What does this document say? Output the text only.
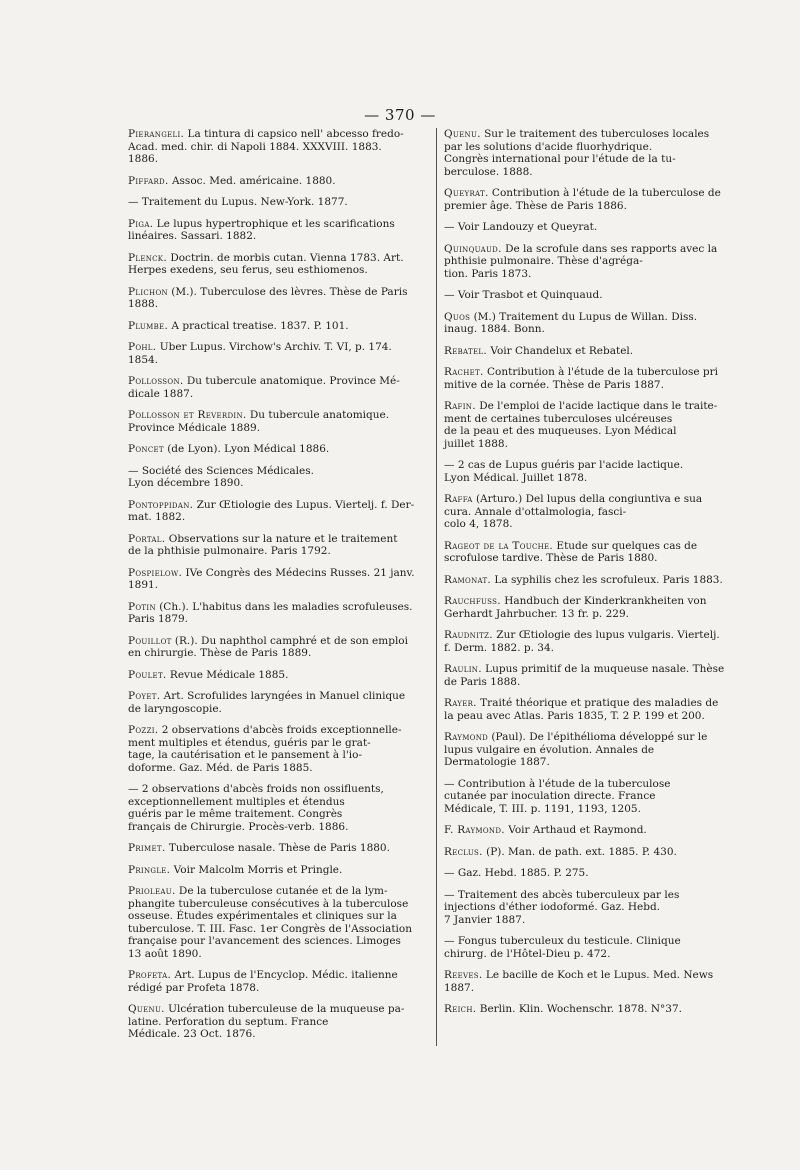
— 370 —
Pierangeli. La tintura di capsico nell' abcesso fredo-
Acad. med. chir. di Napoli 1884. XXXVIII. 1883.
1886.
Piffard. Assoc. Med. américaine. 1880.
— Traitement du Lupus. New-York. 1877.
Piga. Le lupus hypertrophique et les scarifications
linéaires. Sassari. 1882.
Plenck. Doctrin. de morbis cutan. Vienna 1783. Art.
Herpes exedens, seu ferus, seu esthiomenos.
Plichon (M.). Tuberculose des lèvres. Thèse de Paris
1888.
Plumbe. A practical treatise. 1837. P. 101.
Pohl. Uber Lupus. Virchow's Archiv. T. VI, p. 174.
1854.
Pollosson. Du tubercule anatomique. Province Mé-
dicale 1887.
Pollosson et Reverdin. Du tubercule anatomique.
Province Médicale 1889.
Poncet (de Lyon). Lyon Médical 1886.
— Société des Sciences Médicales.
Lyon décembre 1890.
Pontoppidan. Zur Œtiologie des Lupus. Viertelj. f. Der-
mat. 1882.
Portal. Observations sur la nature et le traitement
de la phthisie pulmonaire. Paris 1792.
Pospielow. IVe Congrès des Médecins Russes. 21 janv.
1891.
Potin (Ch.). L'habitus dans les maladies scrofuleuses.
Paris 1879.
Pouillot (R.). Du naphthol camphré et de son emploi
en chirurgie. Thèse de Paris 1889.
Poulet. Revue Médicale 1885.
Poyet. Art. Scrofulides laryngées in Manuel clinique
de laryngoscopie.
Pozzi. 2 observations d'abcès froids exceptionnelle-
ment multiples et étendus, guéris par le grat-
tage, la cautérisation et le pansement à l'io-
doforme. Gaz. Méd. de Paris 1885.
— 2 observations d'abcès froids non ossifluents,
exceptionnellement multiples et étendus
guéris par le même traitement. Congrès
français de Chirurgie. Procès-verb. 1886.
Primet. Tuberculose nasale. Thèse de Paris 1880.
Pringle. Voir Malcolm Morris et Pringle.
Prioleau. De la tuberculose cutanée et de la lym-
phangite tuberculeuse consécutives à la tuberculose
osseuse. Études expérimentales et cliniques sur la
tuberculose. T. III. Fasc. 1er Congrès de l'Association
française pour l'avancement des sciences. Limoges
13 août 1890.
Profeta. Art. Lupus de l'Encyclop. Médic. italienne
rédigé par Profeta 1878.
Quenu. Ulcération tuberculeuse de la muqueuse pa-
latine. Perforation du septum. France
Médicale. 23 Oct. 1876.
Quenu. Sur le traitement des tuberculoses locales
par les solutions d'acide fluorhydrique.
Congrès international pour l'étude de la tu-
berculose. 1888.
Queyrat. Contribution à l'étude de la tuberculose de
premier âge. Thèse de Paris 1886.
— Voir Landouzy et Queyrat.
Quinquaud. De la scrofule dans ses rapports avec la
phthisie pulmonaire. Thèse d'agréga-
tion. Paris 1873.
— Voir Trasbot et Quinquaud.
Quos (M.) Traitement du Lupus de Willan. Diss.
inaug. 1884. Bonn.
Rebatel. Voir Chandelux et Rebatel.
Rachet. Contribution à l'étude de la tuberculose pri
mitive de la cornée. Thèse de Paris 1887.
Rafin. De l'emploi de l'acide lactique dans le traite-
ment de certaines tuberculoses ulcéreuses
de la peau et des muqueuses. Lyon Médical
juillet 1888.
— 2 cas de Lupus guéris par l'acide lactique.
Lyon Médical. Juillet 1878.
Raffa (Arturo.) Del lupus della congiuntiva e sua
cura. Annale d'ottalmologia, fasci-
colo 4, 1878.
Rageot de la Touche. Etude sur quelques cas de
scrofulose tardive. Thèse de Paris 1880.
Ramonat. La syphilis chez les scrofuleux. Paris 1883.
Rauchfuss. Handbuch der Kinderkrankheiten von
Gerhardt Jahrbucher. 13 fr. p. 229.
Raudnitz. Zur Œtiologie des lupus vulgaris. Viertelj.
f. Derm. 1882. p. 34.
Raulin. Lupus primitif de la muqueuse nasale. Thèse
de Paris 1888.
Rayer. Traité théorique et pratique des maladies de
la peau avec Atlas. Paris 1835, T. 2 P. 199 et 200.
Raymond (Paul). De l'épithélioma développé sur le
lupus vulgaire en évolution. Annales de
Dermatologie 1887.
— Contribution à l'étude de la tuberculose
cutanée par inoculation directe. France
Médicale, T. III. p. 1191, 1193, 1205.
F. Raymond. Voir Arthaud et Raymond.
Reclus. (P). Man. de path. ext. 1885. P. 430.
— Gaz. Hebd. 1885. P. 275.
— Traitement des abcès tuberculeux par les
injections d'éther iodoformé. Gaz. Hebd.
7 Janvier 1887.
— Fongus tuberculeux du testicule. Clinique
chirurg. de l'Hôtel-Dieu p. 472.
Reeves. Le bacille de Koch et le Lupus. Med. News
1887.
Reich. Berlin. Klin. Wochenschr. 1878. N°37.
